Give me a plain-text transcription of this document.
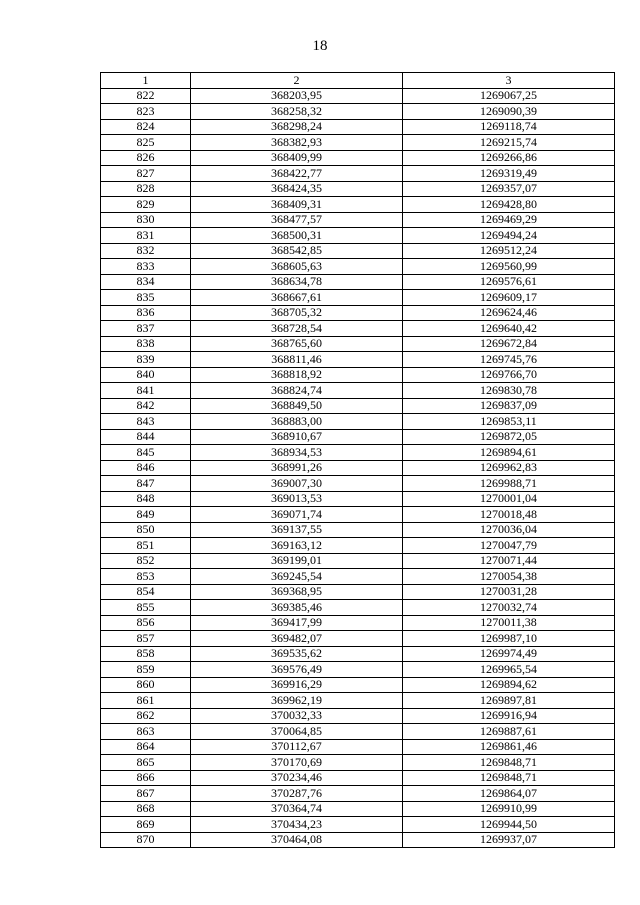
18
1	2	3
822	368203,95	1269067,25
823	368258,32	1269090,39
824	368298,24	1269118,74
825	368382,93	1269215,74
826	368409,99	1269266,86
827	368422,77	1269319,49
828	368424,35	1269357,07
829	368409,31	1269428,80
830	368477,57	1269469,29
831	368500,31	1269494,24
832	368542,85	1269512,24
833	368605,63	1269560,99
834	368634,78	1269576,61
835	368667,61	1269609,17
836	368705,32	1269624,46
837	368728,54	1269640,42
838	368765,60	1269672,84
839	368811,46	1269745,76
840	368818,92	1269766,70
841	368824,74	1269830,78
842	368849,50	1269837,09
843	368883,00	1269853,11
844	368910,67	1269872,05
845	368934,53	1269894,61
846	368991,26	1269962,83
847	369007,30	1269988,71
848	369013,53	1270001,04
849	369071,74	1270018,48
850	369137,55	1270036,04
851	369163,12	1270047,79
852	369199,01	1270071,44
853	369245,54	1270054,38
854	369368,95	1270031,28
855	369385,46	1270032,74
856	369417,99	1270011,38
857	369482,07	1269987,10
858	369535,62	1269974,49
859	369576,49	1269965,54
860	369916,29	1269894,62
861	369962,19	1269897,81
862	370032,33	1269916,94
863	370064,85	1269887,61
864	370112,67	1269861,46
865	370170,69	1269848,71
866	370234,46	1269848,71
867	370287,76	1269864,07
868	370364,74	1269910,99
869	370434,23	1269944,50
870	370464,08	1269937,07
